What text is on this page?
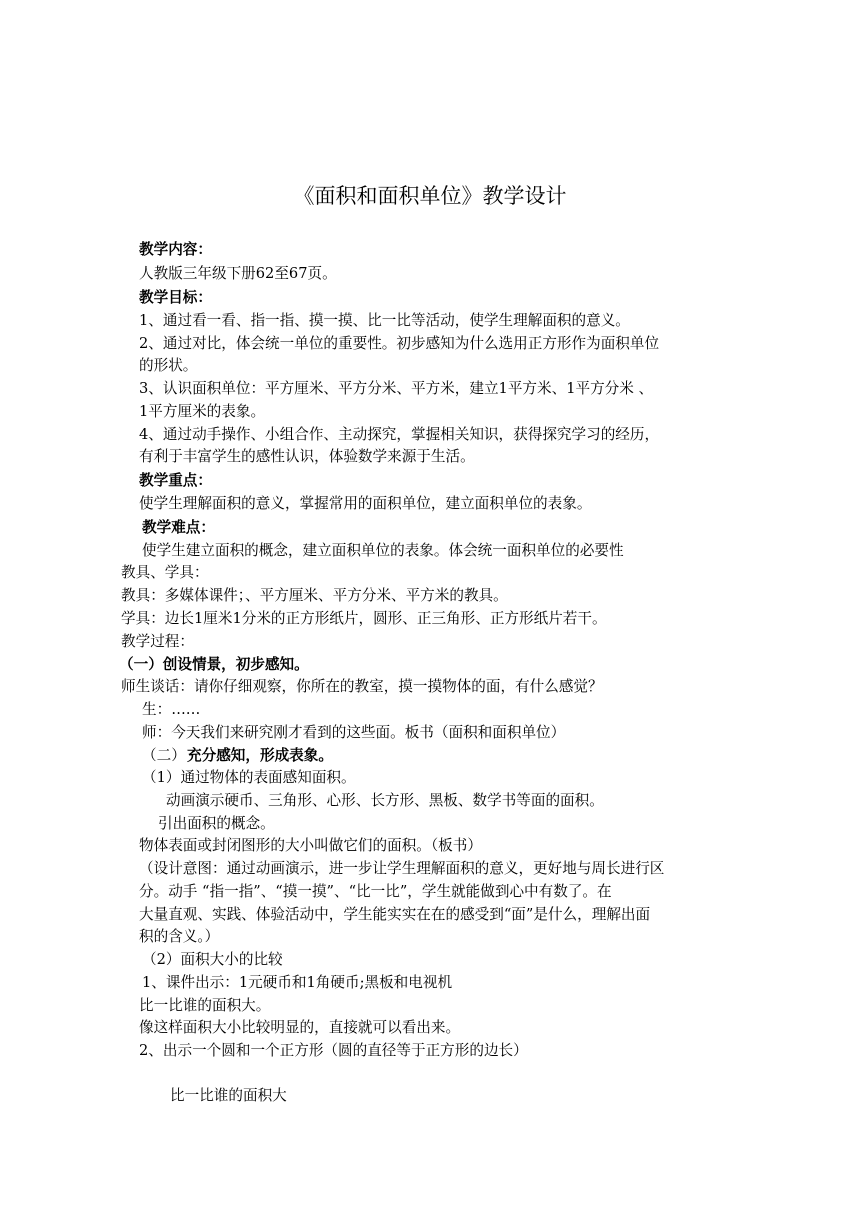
《面积和面积单位》教学设计
教学内容：
人教版三年级下册62至67页。
教学目标：
1、通过看一看、指一指、摸一摸、比一比等活动，使学生理解面积的意义。
2、通过对比，体会统一单位的重要性。初步感知为什么选用正方形作为面积单位
的形状。
3、认识面积单位：平方厘米、平方分米、平方米，建立1平方米、1平方分米 、
1平方厘米的表象。
4、通过动手操作、小组合作、主动探究，掌握相关知识，获得探究学习的经历，
有利于丰富学生的感性认识，体验数学来源于生活。
教学重点：
使学生理解面积的意义，掌握常用的面积单位，建立面积单位的表象。
教学难点：
使学生建立面积的概念，建立面积单位的表象。体会统一面积单位的必要性
教具、学具：
教具：多媒体课件；、平方厘米、平方分米、平方米的教具。
学具：边长1厘米1分米的正方形纸片，圆形、正三角形、正方形纸片若干。
教学过程：
（一）创设情景，初步感知。
师生谈话：请你仔细观察，你所在的教室，摸一摸物体的面，有什么感觉？
生：……
师：今天我们来研究刚才看到的这些面。板书（面积和面积单位）
（二） 充分感知，形成表象。
（1）通过物体的表面感知面积。
动画演示硬币、三角形、心形、长方形、黑板、数学书等面的面积。
引出面积的概念。
物体表面或封闭图形的大小叫做它们的面积。（板书）
（设计意图：通过动画演示，进一步让学生理解面积的意义，更好地与周长进行区
分。动手 “指一指”、“摸一摸”、“比一比”，学生就能做到心中有数了。在
大量直观、实践、体验活动中，学生能实实在在的感受到“面”是什么，理解出面
积的含义。）
（2）面积大小的比较
1、课件出示：1元硬币和1角硬币;黑板和电视机
比一比谁的面积大。
像这样面积大小比较明显的，直接就可以看出来。
2、出示一个圆和一个正方形（圆的直径等于正方形的边长）
比一比谁的面积大
